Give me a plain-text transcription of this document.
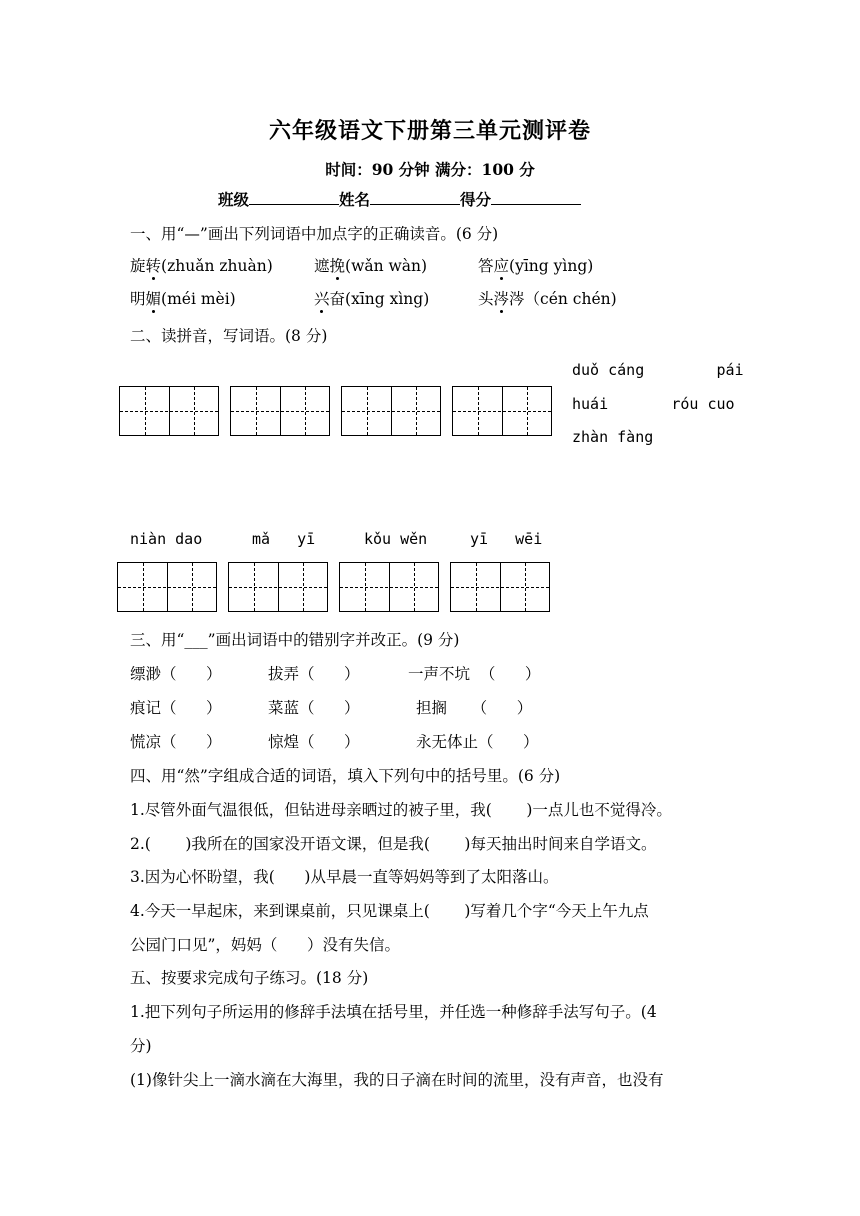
六年级语文下册第三单元测评卷
时间：90 分钟 满分：100 分
班级	姓名	得分
一、用“—”画出下列词语中加点字的正确读音。(6 分)
旋转(zhuǎn zhuàn)	遮挽(wǎn wàn)	答应(yīng yìng)
明媚(méi mèi)	兴奋(xīng xìng)	头涔涔（cén chén)
二、读拼音，写词语。(8 分)
duǒ cáng        pái
huái       róu cuo
zhàn fàng
niàn dao	mǎ   yī	kǒu wěn	yī   wēi
三、用“___”画出词语中的错别字并改正。(9 分)
缥渺（      ）	拔弄（      ）	一声不坑  （      ）
痕记（      ）	菜蓝（      ）	担搁     （      ）
慌凉（      ）	惊煌（      ）	永无体止（      ）
四、用“然”字组成合适的词语，填入下列句中的括号里。(6 分)
1.尽管外面气温很低，但钻进母亲晒过的被子里，我(       )一点儿也不觉得冷。
2.(       )我所在的国家没开语文课，但是我(       )每天抽出时间来自学语文。
3.因为心怀盼望，我(      )从早晨一直等妈妈等到了太阳落山。
4.今天一早起床，来到课桌前，只见课桌上(       )写着几个字“今天上午九点
公园门口见”，妈妈（      ）没有失信。
五、按要求完成句子练习。(18 分)
1.把下列句子所运用的修辞手法填在括号里，并任选一种修辞手法写句子。(4
分)
(1)像针尖上一滴水滴在大海里，我的日子滴在时间的流里，没有声音，也没有
